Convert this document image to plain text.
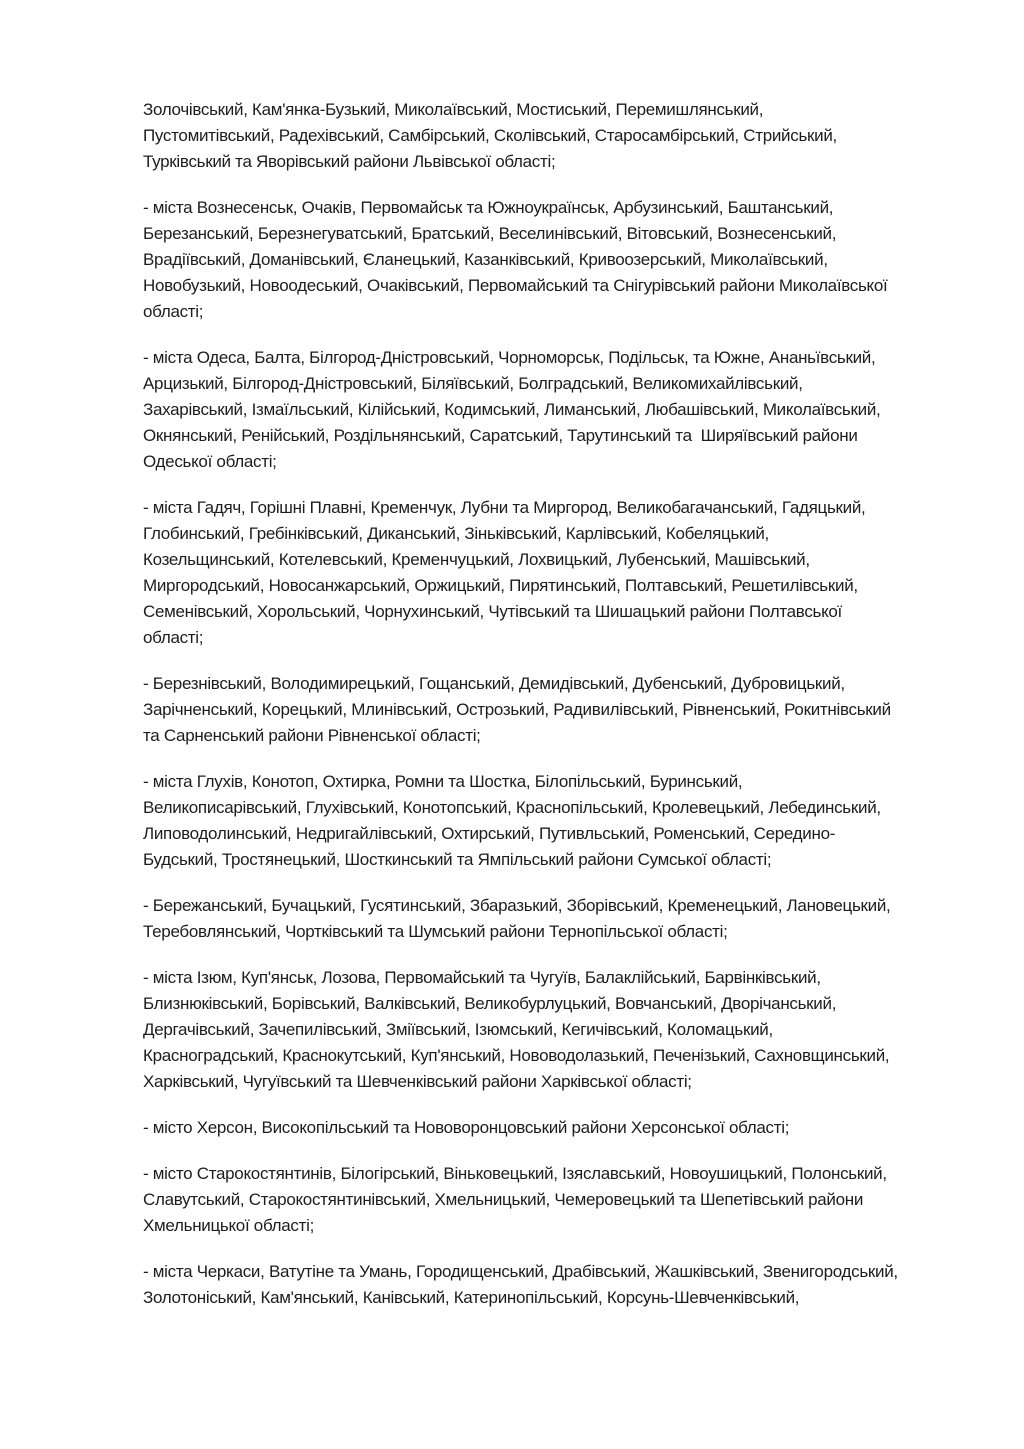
Золочівський, Кам'янка-Бузький, Миколаївський, Мостиський, Перемишлянський,
Пустомитівський, Радехівський, Самбірський, Сколівський, Старосамбірський, Стрийський,
Турківський та Яворівський райони Львівської області;
- міста Вознесенськ, Очаків, Первомайськ та Южноукраїнськ, Арбузинський, Баштанський,
Березанський, Березнегуватський, Братський, Веселинівський, Вітовський, Вознесенський,
Врадіївський, Доманівський, Єланецький, Казанківський, Кривоозерський, Миколаївський,
Новобузький, Новоодеський, Очаківський, Первомайський та Снігурівський райони Миколаївської
області;
- міста Одеса, Балта, Білгород-Дністровський, Чорноморськ, Подільськ, та Южне, Ананьївський,
Арцизький, Білгород-Дністровський, Біляївський, Болградський, Великомихайлівський,
Захарівський, Ізмаїльський, Кілійський, Кодимський, Лиманський, Любашівський, Миколаївський,
Окнянський, Ренійський, Роздільнянський, Саратський, Тарутинський та  Ширяївський райони
Одеської області;
- міста Гадяч, Горішні Плавні, Кременчук, Лубни та Миргород, Великобагачанський, Гадяцький,
Глобинський, Гребінківський, Диканський, Зіньківський, Карлівський, Кобеляцький,
Козельщинський, Котелевський, Кременчуцький, Лохвицький, Лубенський, Машівський,
Миргородський, Новосанжарський, Оржицький, Пирятинський, Полтавський, Решетилівський,
Семенівський, Хорольський, Чорнухинський, Чутівський та Шишацький райони Полтавської
області;
- Березнівський, Володимирецький, Гощанський, Демидівський, Дубенський, Дубровицький,
Зарічненський, Корецький, Млинівський, Острозький, Радивилівський, Рівненський, Рокитнівський
та Сарненський райони Рівненської області;
- міста Глухів, Конотоп, Охтирка, Ромни та Шостка, Білопільський, Буринський,
Великописарівський, Глухівський, Конотопський, Краснопільський, Кролевецький, Лебединський,
Липоводолинський, Недригайлівський, Охтирський, Путивльський, Роменський, Середино-
Будський, Тростянецький, Шосткинський та Ямпільський райони Сумської області;
- Бережанський, Бучацький, Гусятинський, Збаразький, Зборівський, Кременецький, Лановецький,
Теребовлянський, Чортківський та Шумський райони Тернопільської області;
- міста Ізюм, Куп'янськ, Лозова, Первомайський та Чугуїв, Балаклійський, Барвінківський,
Близнюківський, Борівський, Валківський, Великобурлуцький, Вовчанський, Дворічанський,
Дергачівський, Зачепилівський, Зміївський, Ізюмський, Кегичівський, Коломацький,
Красноградський, Краснокутський, Куп'янський, Нововодолазький, Печенізький, Сахновщинський,
Харківський, Чугуївський та Шевченківський райони Харківської області;
- місто Херсон, Високопільський та Нововоронцовський райони Херсонської області;
- місто Старокостянтинів, Білогірський, Віньковецький, Ізяславський, Новоушицький, Полонський,
Славутський, Старокостянтинівський, Хмельницький, Чемеровецький та Шепетівський райони
Хмельницької області;
- міста Черкаси, Ватутіне та Умань, Городищенський, Драбівський, Жашківський, Звенигородський,
Золотоніський, Кам'янський, Канівський, Катеринопільський, Корсунь-Шевченківський,
